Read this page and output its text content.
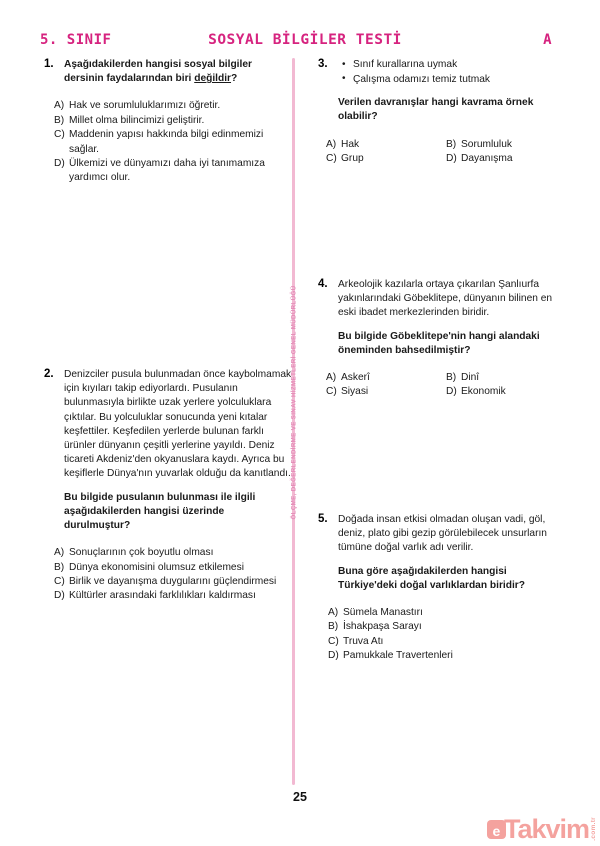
5. SINIF	SOSYAL BİLGİLER TESTİ	A
ÖLÇME, DEĞERLENDİRME VE SINAV HİZMETLERİ GENEL MÜDÜRLÜĞÜ
1.	Aşağıdakilerden hangisi sosyal bilgiler dersinin faydalarından biri değildir?

A) Hak ve sorumluluklarımızı öğretir.
B) Millet olma bilincimizi geliştirir.
C) Maddenin yapısı hakkında bilgi edinmemizi sağlar.
D) Ülkemizi ve dünyamızı daha iyi tanımamıza yardımcı olur.
2.	Denizciler pusula bulunmadan önce kaybolmamak için kıyıları takip ediyorlardı. Pusulanın bulunmasıyla birlikte uzak yerlere yolculuklara çıktılar. Bu yolculuklar sonucunda yeni kıtalar keşfettiler. Keşfedilen yerlerde bulunan farklı ürünler dünyanın çeşitli yerlerine yayıldı. Deniz ticareti Akdeniz'den okyanuslara kaydı. Ayrıca bu keşiflerle Dünya'nın yuvarlak olduğu da kanıtlandı.

Bu bilgide pusulanın bulunması ile ilgili aşağıdakilerden hangisi üzerinde durulmuştur?

A) Sonuçlarının çok boyutlu olması
B) Dünya ekonomisini olumsuz etkilemesi
C) Birlik ve dayanışma duygularını güçlendirmesi
D) Kültürler arasındaki farklılıkları kaldırması
3.	• Sınıf kurallarına uymak
• Çalışma odamızı temiz tutmak

Verilen davranışlar hangi kavrama örnek olabilir?

A) Hak	B) Sorumluluk
C) Grup	D) Dayanışma
4.	Arkeolojik kazılarla ortaya çıkarılan Şanlıurfa yakınlarındaki Göbeklitepe, dünyanın bilinen en eski ibadet merkezlerinden biridir.

Bu bilgide Göbeklitepe'nin hangi alandaki öneminden bahsedilmiştir?

A) Askerî	B) Dinî
C) Siyasi	D) Ekonomik
5.	Doğada insan etkisi olmadan oluşan vadi, göl, deniz, plato gibi gezip görülebilecek unsurların tümüne doğal varlık adı verilir.

Buna göre aşağıdakilerden hangisi Türkiye'deki doğal varlıklardan biridir?

A) Sümela Manastırı
B) İshakpaşa Sarayı
C) Truva Atı
D) Pamukkale Travertenleri
25
e Takvim .com.tr
